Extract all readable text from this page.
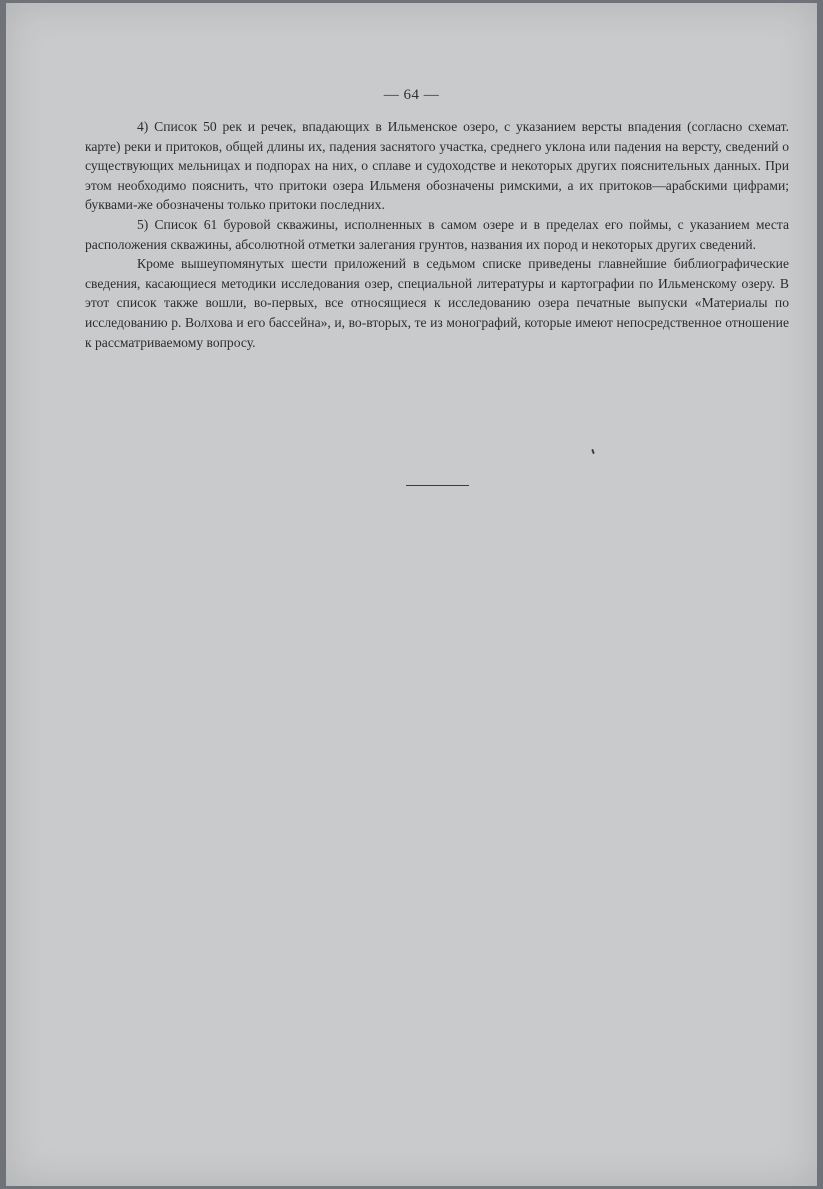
— 64 —

4) Список 50 рек и речек, впадающих в Ильменское озеро, с указанием версты впадения (согласно схемат. карте) реки и притоков, общей длины их, падения заснятого участка, среднего уклона или падения на версту, сведений о существующих мельницах и подпорах на них, о сплаве и судоходстве и некоторых других пояснительных данных. При этом необходимо пояснить, что притоки озера Ильменя обозначены римскими, а их притоков—арабскими цифрами; буквами-же обозначены только притоки последних.

5) Список 61 буровой скважины, исполненных в самом озере и в пределах его поймы, с указанием места расположения скважины, абсолютной отметки залегания грунтов, названия их пород и некоторых других сведений.

Кроме вышеупомянутых шести приложений в седьмом списке приведены главнейшие библиографические сведения, касающиеся методики исследования озер, специальной литературы и картографии по Ильменскому озеру. В этот список также вошли, во-первых, все относящиеся к исследованию озера печатные выпуски «Материалы по исследованию р. Волхова и его бассейна», и, во-вторых, те из монографий, которые имеют непосредственное отношение к рассматриваемому вопросу.
